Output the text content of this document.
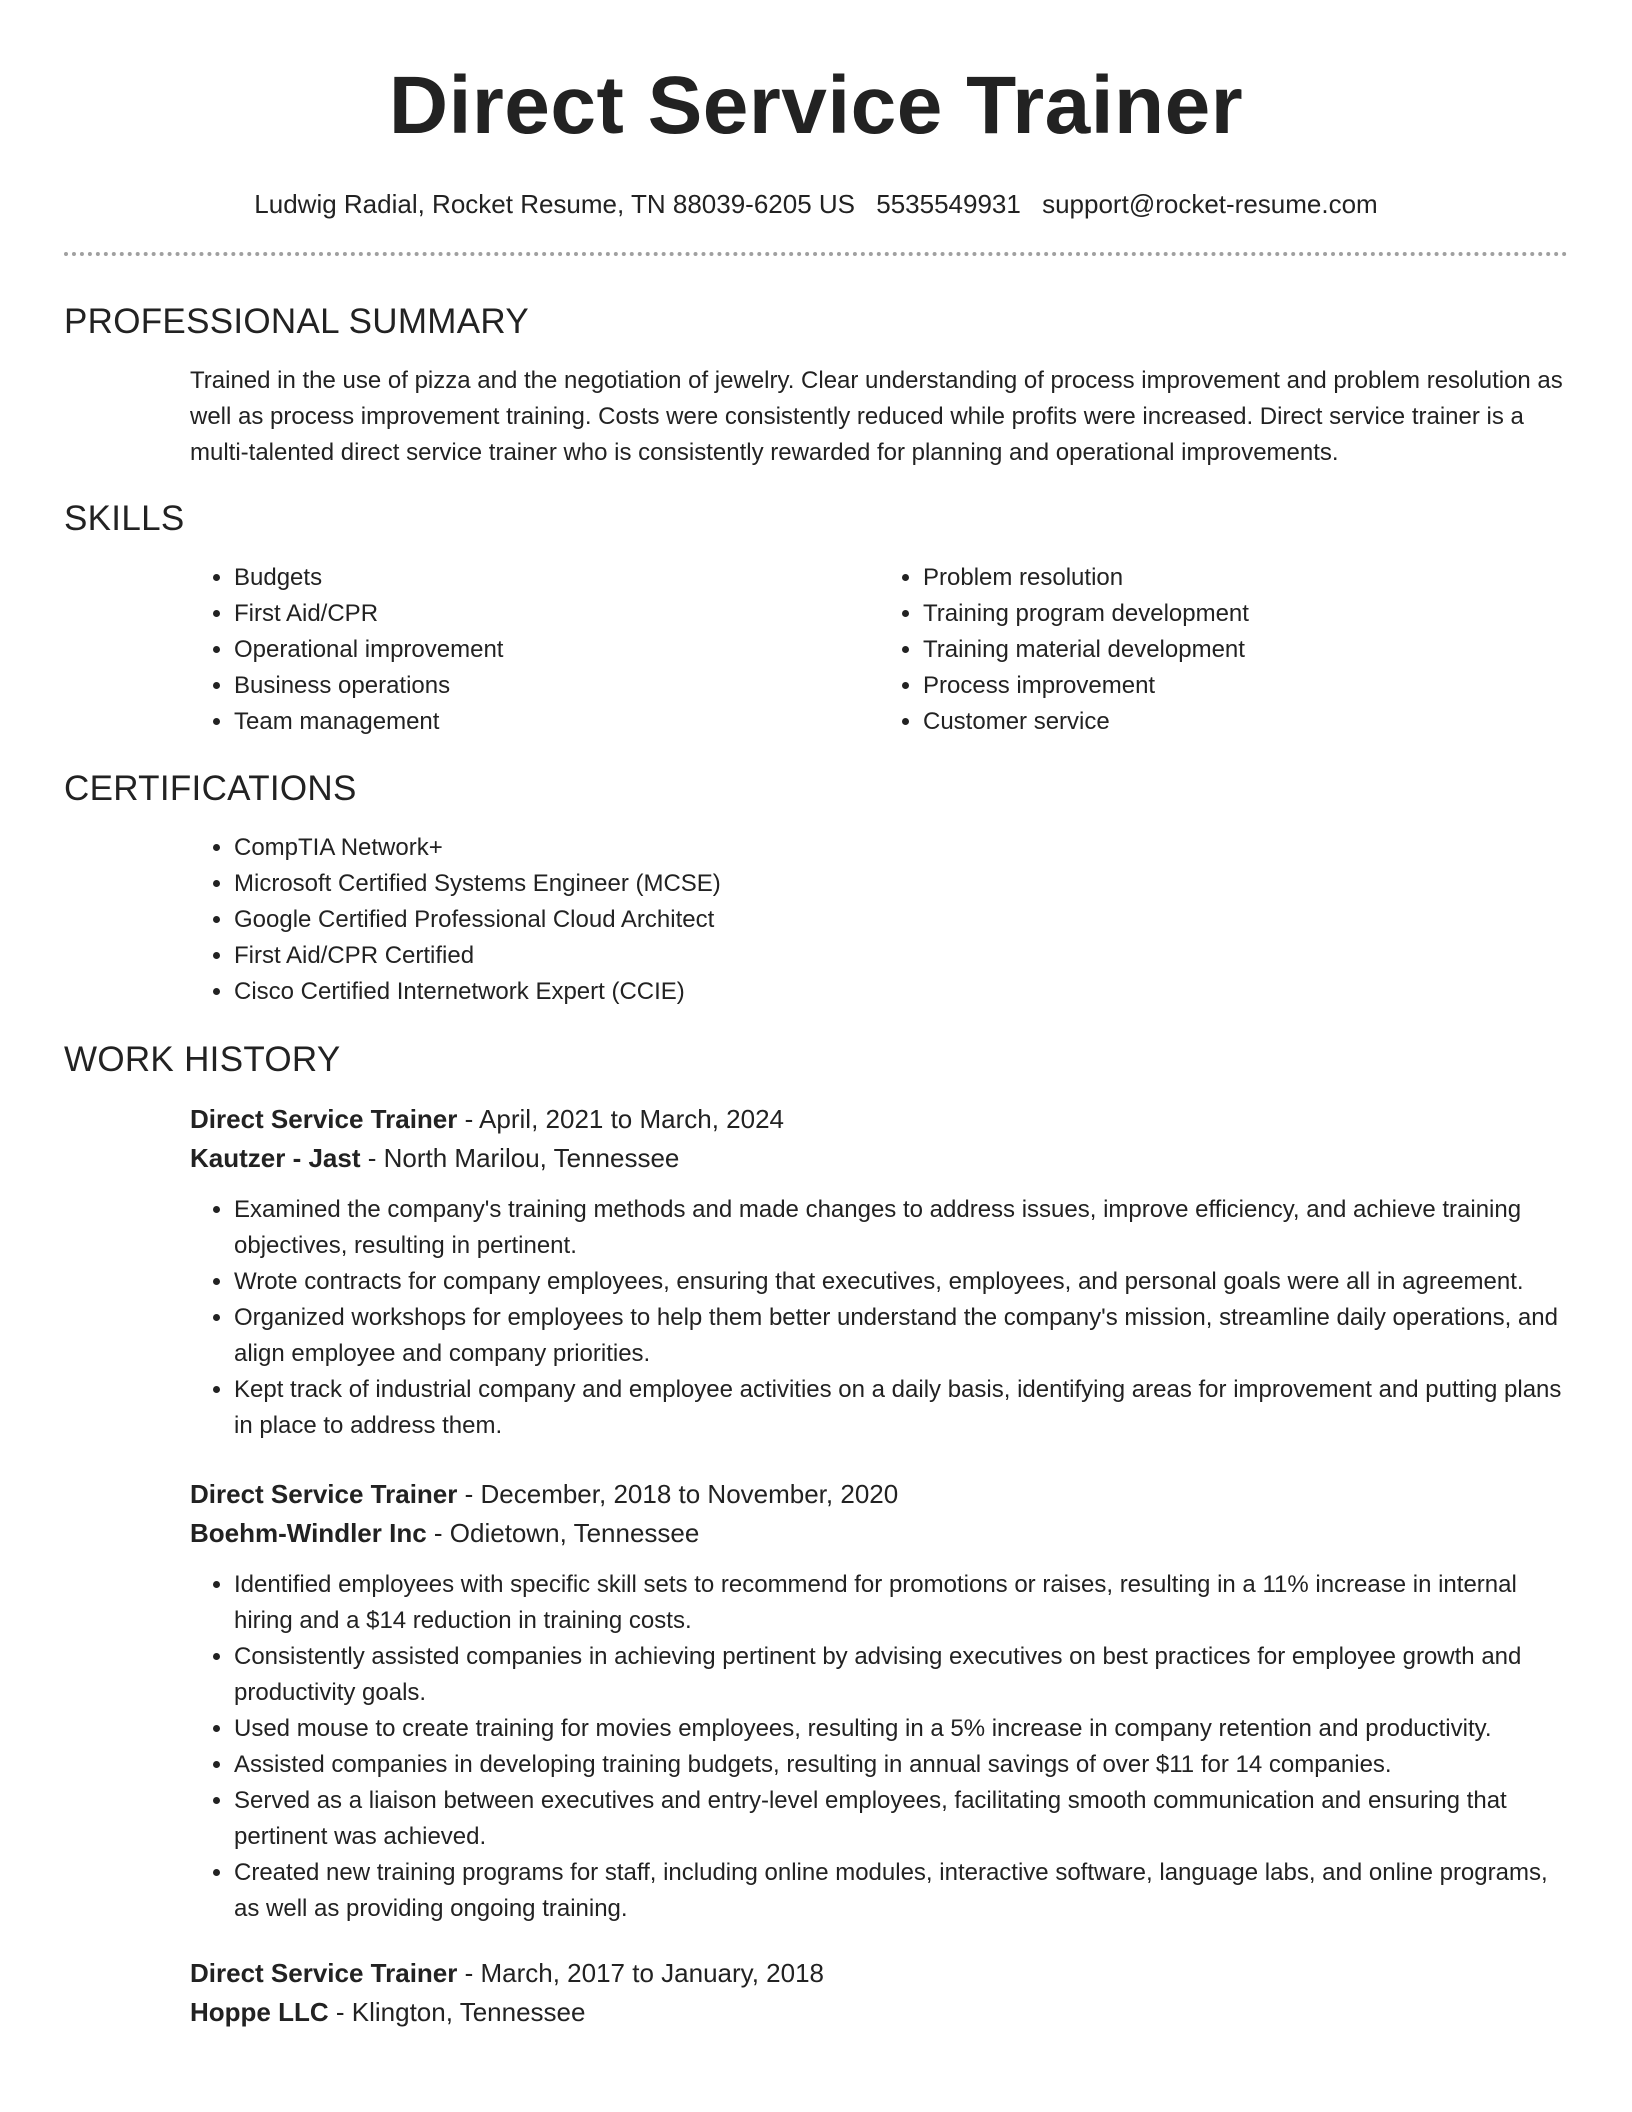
Direct Service Trainer
Ludwig Radial, Rocket Resume, TN 88039-6205 US 5535549931 support@rocket-resume.com
PROFESSIONAL SUMMARY
Trained in the use of pizza and the negotiation of jewelry. Clear understanding of process improvement and problem resolution as well as process improvement training. Costs were consistently reduced while profits were increased. Direct service trainer is a multi-talented direct service trainer who is consistently rewarded for planning and operational improvements.
SKILLS
• Budgets
• First Aid/CPR
• Operational improvement
• Business operations
• Team management
• Problem resolution
• Training program development
• Training material development
• Process improvement
• Customer service
CERTIFICATIONS
• CompTIA Network+
• Microsoft Certified Systems Engineer (MCSE)
• Google Certified Professional Cloud Architect
• First Aid/CPR Certified
• Cisco Certified Internetwork Expert (CCIE)
WORK HISTORY
Direct Service Trainer - April, 2021 to March, 2024
Kautzer - Jast - North Marilou, Tennessee
• Examined the company's training methods and made changes to address issues, improve efficiency, and achieve training objectives, resulting in pertinent.
• Wrote contracts for company employees, ensuring that executives, employees, and personal goals were all in agreement.
• Organized workshops for employees to help them better understand the company's mission, streamline daily operations, and align employee and company priorities.
• Kept track of industrial company and employee activities on a daily basis, identifying areas for improvement and putting plans in place to address them.
Direct Service Trainer - December, 2018 to November, 2020
Boehm-Windler Inc - Odietown, Tennessee
• Identified employees with specific skill sets to recommend for promotions or raises, resulting in a 11% increase in internal hiring and a $14 reduction in training costs.
• Consistently assisted companies in achieving pertinent by advising executives on best practices for employee growth and productivity goals.
• Used mouse to create training for movies employees, resulting in a 5% increase in company retention and productivity.
• Assisted companies in developing training budgets, resulting in annual savings of over $11 for 14 companies.
• Served as a liaison between executives and entry-level employees, facilitating smooth communication and ensuring that pertinent was achieved.
• Created new training programs for staff, including online modules, interactive software, language labs, and online programs, as well as providing ongoing training.
Direct Service Trainer - March, 2017 to January, 2018
Hoppe LLC - Klington, Tennessee
